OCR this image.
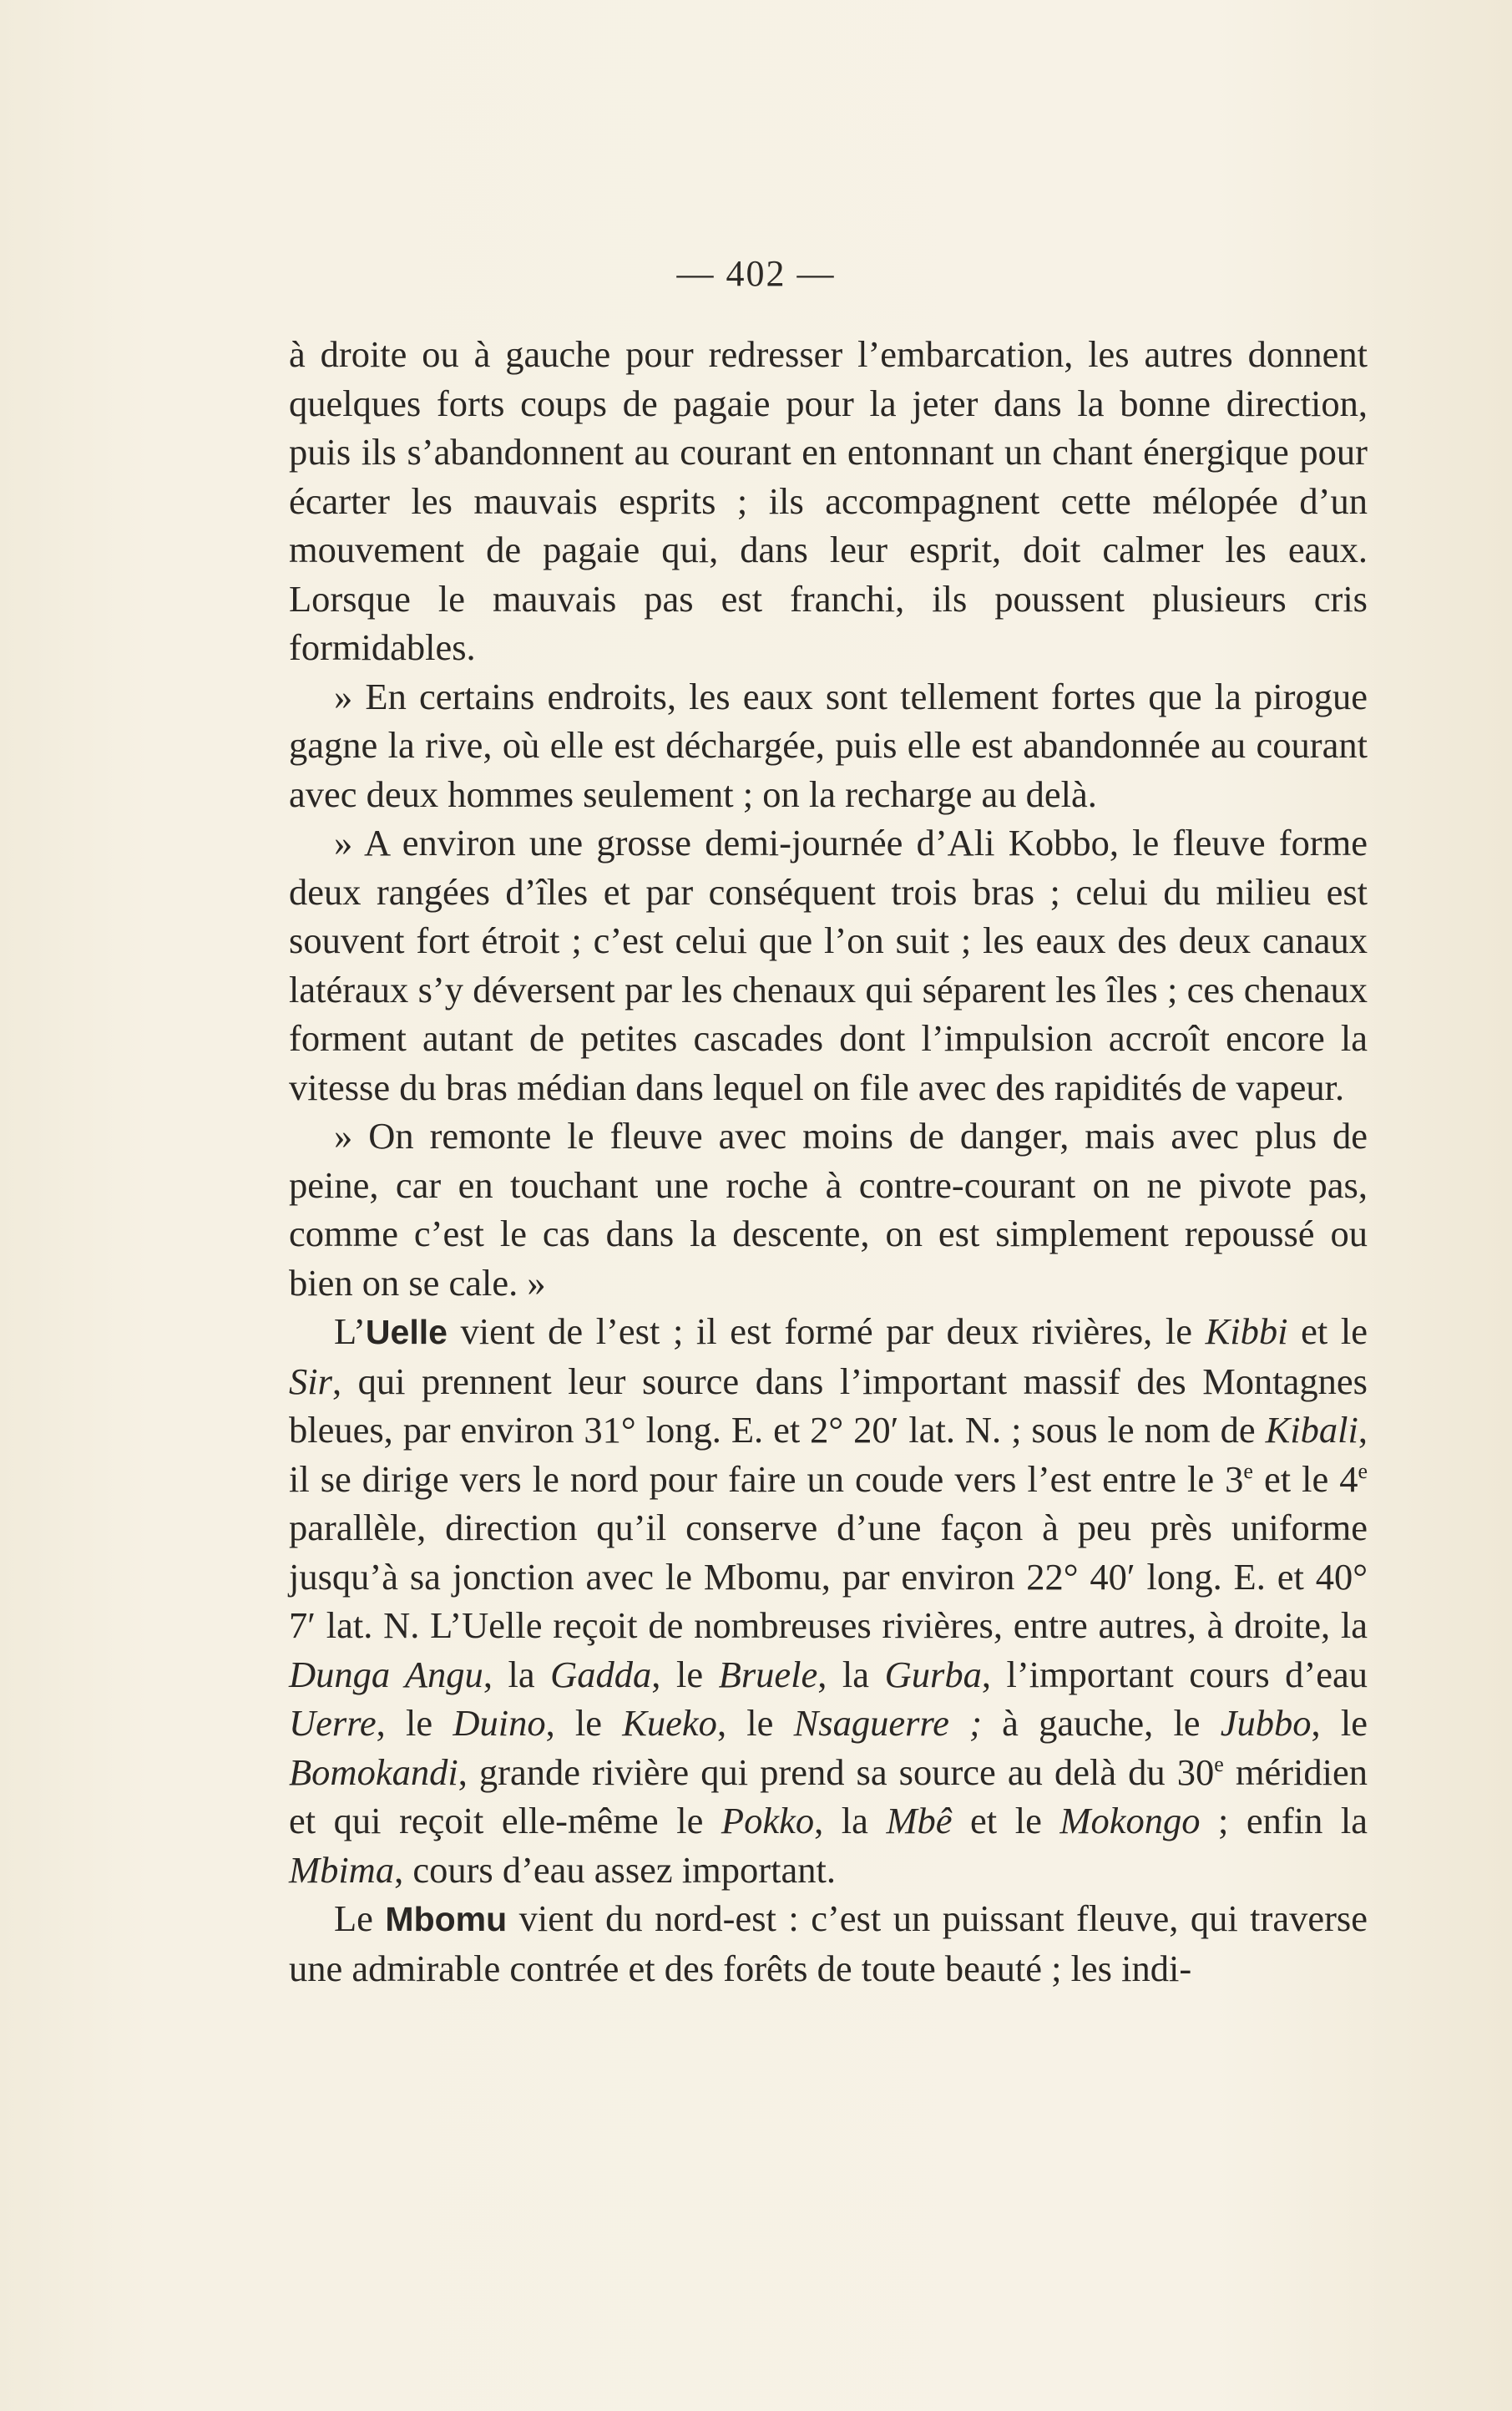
— 402 —

à droite ou à gauche pour redresser l’embarcation, les autres donnent quelques forts coups de pagaie pour la jeter dans la bonne direction, puis ils s’abandonnent au courant en entonnant un chant énergique pour écarter les mauvais esprits ; ils accompagnent cette mélopée d’un mouvement de pagaie qui, dans leur esprit, doit calmer les eaux. Lorsque le mauvais pas est franchi, ils poussent plusieurs cris formidables.

» En certains endroits, les eaux sont tellement fortes que la pirogue gagne la rive, où elle est déchargée, puis elle est abandonnée au courant avec deux hommes seulement ; on la recharge au delà.

» A environ une grosse demi-journée d’Ali Kobbo, le fleuve forme deux rangées d’îles et par conséquent trois bras ; celui du milieu est souvent fort étroit ; c’est celui que l’on suit ; les eaux des deux canaux latéraux s’y déversent par les chenaux qui séparent les îles ; ces chenaux forment autant de petites cascades dont l’impulsion accroît encore la vitesse du bras médian dans lequel on file avec des rapidités de vapeur.

» On remonte le fleuve avec moins de danger, mais avec plus de peine, car en touchant une roche à contre-courant on ne pivote pas, comme c’est le cas dans la descente, on est simplement repoussé ou bien on se cale. »

L’Uelle vient de l’est ; il est formé par deux rivières, le Kibbi et le Sir, qui prennent leur source dans l’important massif des Montagnes bleues, par environ 31° long. E. et 2° 20′ lat. N. ; sous le nom de Kibali, il se dirige vers le nord pour faire un coude vers l’est entre le 3e et le 4e parallèle, direction qu’il conserve d’une façon à peu près uniforme jusqu’à sa jonction avec le Mbomu, par environ 22° 40′ long. E. et 40° 7′ lat. N. L’Uelle reçoit de nombreuses rivières, entre autres, à droite, la Dunga Angu, la Gadda, le Bruele, la Gurba, l’important cours d’eau Uerre, le Duino, le Kueko, le Nsaguerre ; à gauche, le Jubbo, le Bomokandi, grande rivière qui prend sa source au delà du 30e méridien et qui reçoit elle-même le Pokko, la Mbê et le Mokongo ; enfin la Mbima, cours d’eau assez important.

Le Mbomu vient du nord-est : c’est un puissant fleuve, qui traverse une admirable contrée et des forêts de toute beauté ; les indi-
